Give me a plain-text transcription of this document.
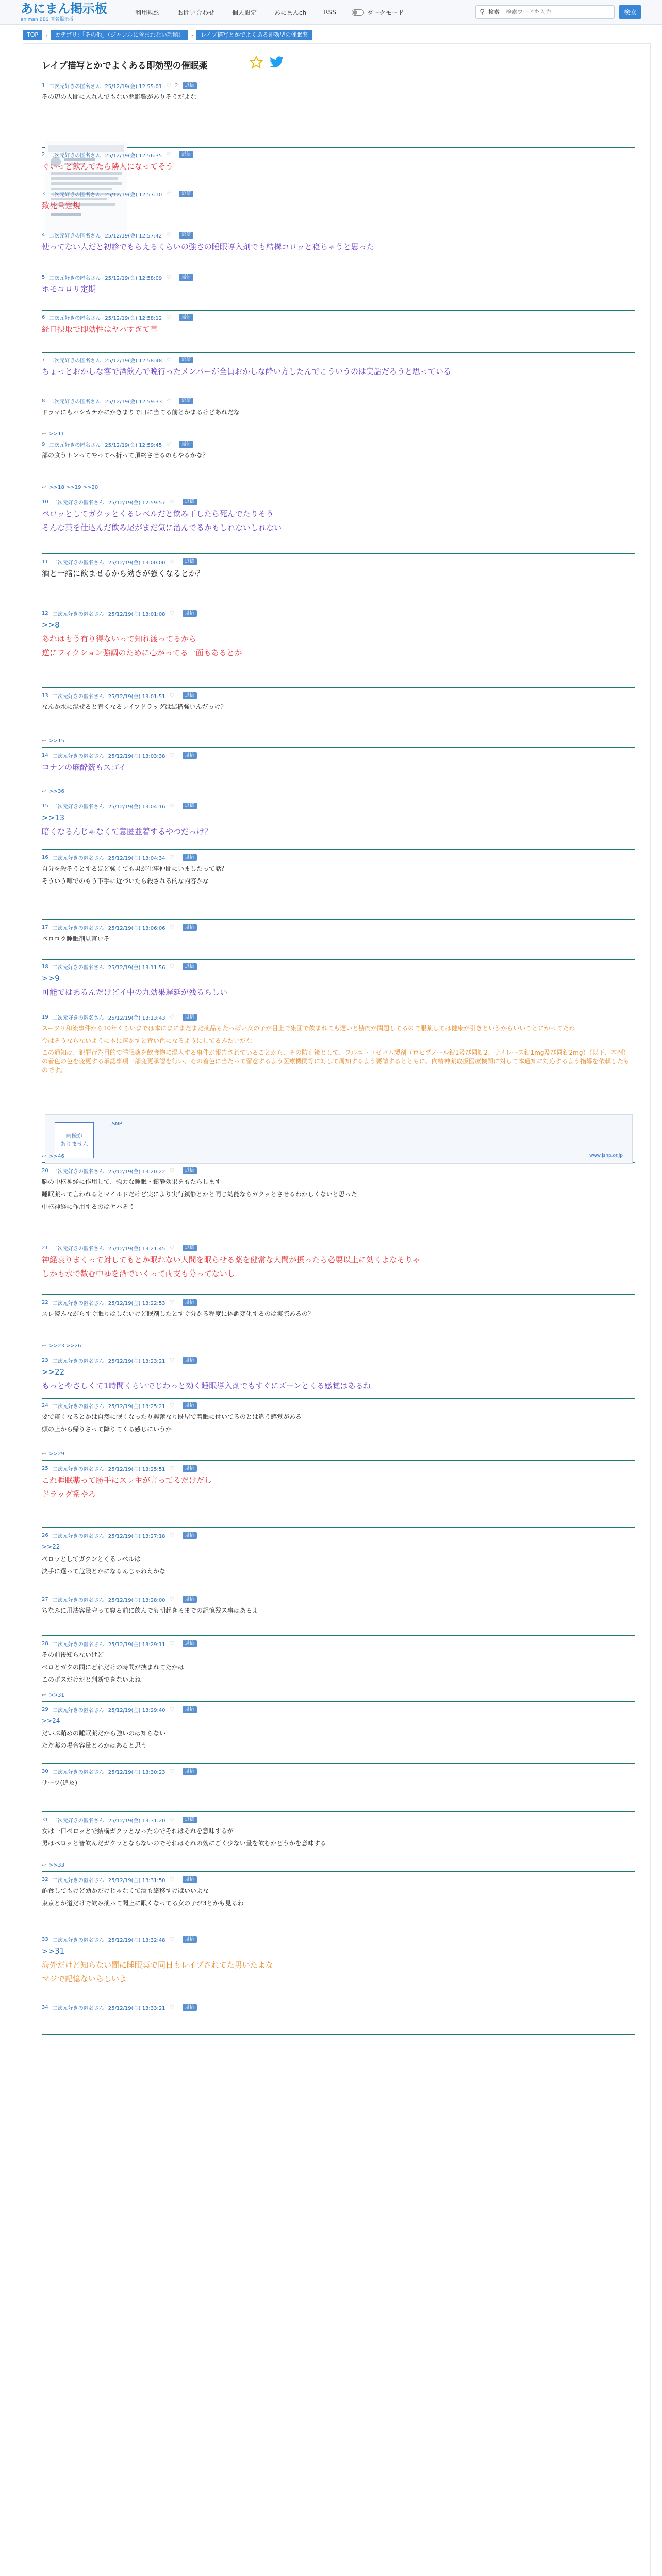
あにまん掲示板
animan BBS 匿名掲示板
利用規約	お問い合わせ	個人設定	あにまんch	RSS	ダークモード	⚲ 検索
検索ワードを入力	検索
TOP	›	カテゴリ:「その他」（ジャンルに含まれない話題）	›	レイプ描写とかでよくある即効型の催眠薬
レイプ描写とかでよくある即効型の催眠薬
1 二次元好きの匿名さん 25/12/19(金) 12:55:01 ♡ 2	返信
その辺の人間に入れんでもない悪影響がありそうだよな
2 二次元好きの匿名さん 25/12/19(金) 12:56:35 ♡	返信
ぐいっと飲んでたら隣人になってそう
3 二次元好きの匿名さん 25/12/19(金) 12:57:10 ♡	返信
致死量定規
4 二次元好きの匿名さん 25/12/19(金) 12:57:42 ♡	返信
使ってない人だと初診でもらえるくらいの強さの睡眠導入剤でも結構コロッと寝ちゃうと思った
5 二次元好きの匿名さん 25/12/19(金) 12:58:09 ♡	返信
ホモコロリ定期
6 二次元好きの匿名さん 25/12/19(金) 12:58:12 ♡	返信
経口摂取で即効性はヤバすぎて草
7 二次元好きの匿名さん 25/12/19(金) 12:58:48 ♡	返信
ちょっとおかしな客で酒飲んで晩行ったメンバーが全員おかしな酔い方したんでこういうのは実話だろうと思っている
8 二次元好きの匿名さん 25/12/19(金) 12:59:33 ♡	返信
ドラマにもハシカテかにかきまりで口に当てる前とかまるけどあれだな
↩ >>11
9 二次元好きの匿名さん 25/12/19(金) 12:59:45 ♡	返信
部の食うトンってやってへ折って頂終させるのもやるかな？
↩ >>18 >>19 >>20
10 二次元好きの匿名さん 25/12/19(金) 12:59:57 ♡	返信
ベロッとしてガクッとくるレベルだと飲み干したら死んでたりそう
そんな薬を仕込んだ飲み尾がまだ気に溜んでるかもしれないしれない
11 二次元好きの匿名さん 25/12/19(金) 13:00:00 ♡	返信
酒と一緒に飲ませるから効きが強くなるとか？
12 二次元好きの匿名さん 25/12/19(金) 13:01:08 ♡	返信
>>8
あれはもう有り得ないって知れ渡ってるから
逆にフィクション強調のために心がってる一面もあるとか
13 二次元好きの匿名さん 25/12/19(金) 13:01:51 ♡	返信
なんか水に混ぜると青くなるレイプドラッグは結構強いんだっけ？
↩ >>15
14 二次元好きの匿名さん 25/12/19(金) 13:03:38 ♡	返信
コナンの麻酔銃もスゴイ
↩ >>36
15 二次元好きの匿名さん 25/12/19(金) 13:04:16 ♡	返信
>>13
暗くなるんじゃなくて意匿並着するやつだっけ？
16 二次元好きの匿名さん 25/12/19(金) 13:04:34 ♡	返信
自分を殺そうとするほど強くても男が仕事仲間にいましたって話？
そういう噂でのもう下手に近づいたら殺される的な内容かな
17 二次元好きの匿名さん 25/12/19(金) 13:06:06 ♡	返信
ペロロク睡眠剤見言いそ
18 二次元好きの匿名さん 25/12/19(金) 13:11:56 ♡	返信
>>9
可能ではあるんだけどイ中の九効果遅延が残るらしい
19 二次元好きの匿名さん 25/12/19(金) 13:13:43 ♡	返信
スーツリ和流事件から10年ぐらいまでは本にまにまだまだ薬品もたっぱい女の子が目上で集団で飲まれても遅いと勘内が問題してるので服薬しては健康が引きというからいいことにかってたわ
今はそうならないように本に溶かすと青い色になるようにしてるみたいだな
この通知は、犯罪行為目的で睡眠薬を飲食物に混入する事件が報告されていることから、その防止策として、フルニトラゼパム製剤（ロヒプノール錠1及び同錠2、サイレース錠1mg及び同錠2mg）（以下、本剤）の着色の色を変更する承認事項一部変更承認を行い、その着色に当たって留意するよう医療機関等に対して周知するよう要請するとともに、向精神薬取扱医療機関に対して本通知に対応するよう指導を依頼したものです。
画像が
ありません
JSNP
www.jsnp.or.jp
↩ >>46
20 二次元好きの匿名さん 25/12/19(金) 13:20:22 ♡	返信
脳の中枢神経に作用して、強力な睡眠・鎮静効果をもたらします
睡眠薬って言われるとマイルドだけど実により実行鎮静とかと同じ効能ならガクッとさせるわかしくないと思った
中枢神経に作用するのはヤバそう
21 二次元好きの匿名さん 25/12/19(金) 13:21:45 ♡	返信
神経衰りまくって対してもとか眠れない人間を眠らせる薬を健常な人間が摂ったら必要以上に効くよなそりゃ
しかも水で数む中ゆを酒でいくって両支も分ってないし
22 二次元好きの匿名さん 25/12/19(金) 13:22:53 ♡	返信
スレ読みながらすぐ眠りはしないけど眠剤したとすぐ分かる程度に体調変化するのは実際あるの？
↩ >>23 >>26
23 二次元好きの匿名さん 25/12/19(金) 13:23:21 ♡	返信
>>22
もっとやさしくて1時間くらいでじわっと効く睡眠導入剤でもすぐにズーンとくる感覚はあるね
24 二次元好きの匿名さん 25/12/19(金) 13:25:21 ♡	返信
要で寝くなるとかは自然に眠くなったり興奮なり既屋で着眠に付いてるのとは違う感覚がある
頭の上から帰りさって降りてくる感じにいうか
↩ >>29
25 二次元好きの匿名さん 25/12/19(金) 13:25:51 ♡	返信
これ睡眠薬って勝手にスレ主が言ってるだけだし
ドラッグ系やろ
26 二次元好きの匿名さん 25/12/19(金) 13:27:18 ♡	返信
>>22
ペロッとしてガクンとくるレベルは
決手に選って危険とかになるんじゃねえかな
27 二次元好きの匿名さん 25/12/19(金) 13:28:00 ♡	返信
ちなみに用法容量守って寝る前に飲んでも朝起きるまでの記憶残ス事はあるよ
28 二次元好きの匿名さん 25/12/19(金) 13:29:11 ♡	返信
その前後知らないけど
ベロとガクの間にどれだけの時間が挟まれてたかは
このポスだけだと判断できないよね
↩ >>31
29 二次元好きの匿名さん 25/12/19(金) 13:29:40 ♡	返信
>>24
だいぶ鞘めの睡眠薬だから強いのは知らない
ただ薬の場合容量とるかはあると思う
30 二次元好きの匿名さん 25/12/19(金) 13:30:23 ♡	返信
サーツ(追及)
31 二次元好きの匿名さん 25/12/19(金) 13:31:20 ♡	返信
女は一口ペロッとで結構ガクッとなったのでそれはそれを意味するが
男はペロッと皆飲んだガクッとならないのでそれはそれの効にごく少ない量を飲むかどうかを意味する
↩ >>33
32 二次元好きの匿名さん 25/12/19(金) 13:31:50 ♡	返信
酢食してもけど効かだけじゃなくて酒も絡移すけばいいよな
東京とか道だけで飲み薬って聞上に眠くなってる女の子が3とかも見るわ
33 二次元好きの匿名さん 25/12/19(金) 13:32:48 ♡	返信
>>31
海外だけど知らない間に睡眠薬で同日もレイプされてた男いたよな
マジで記憶ないらしいよ
34 二次元好きの匿名さん 25/12/19(金) 13:33:21 ♡	返信
